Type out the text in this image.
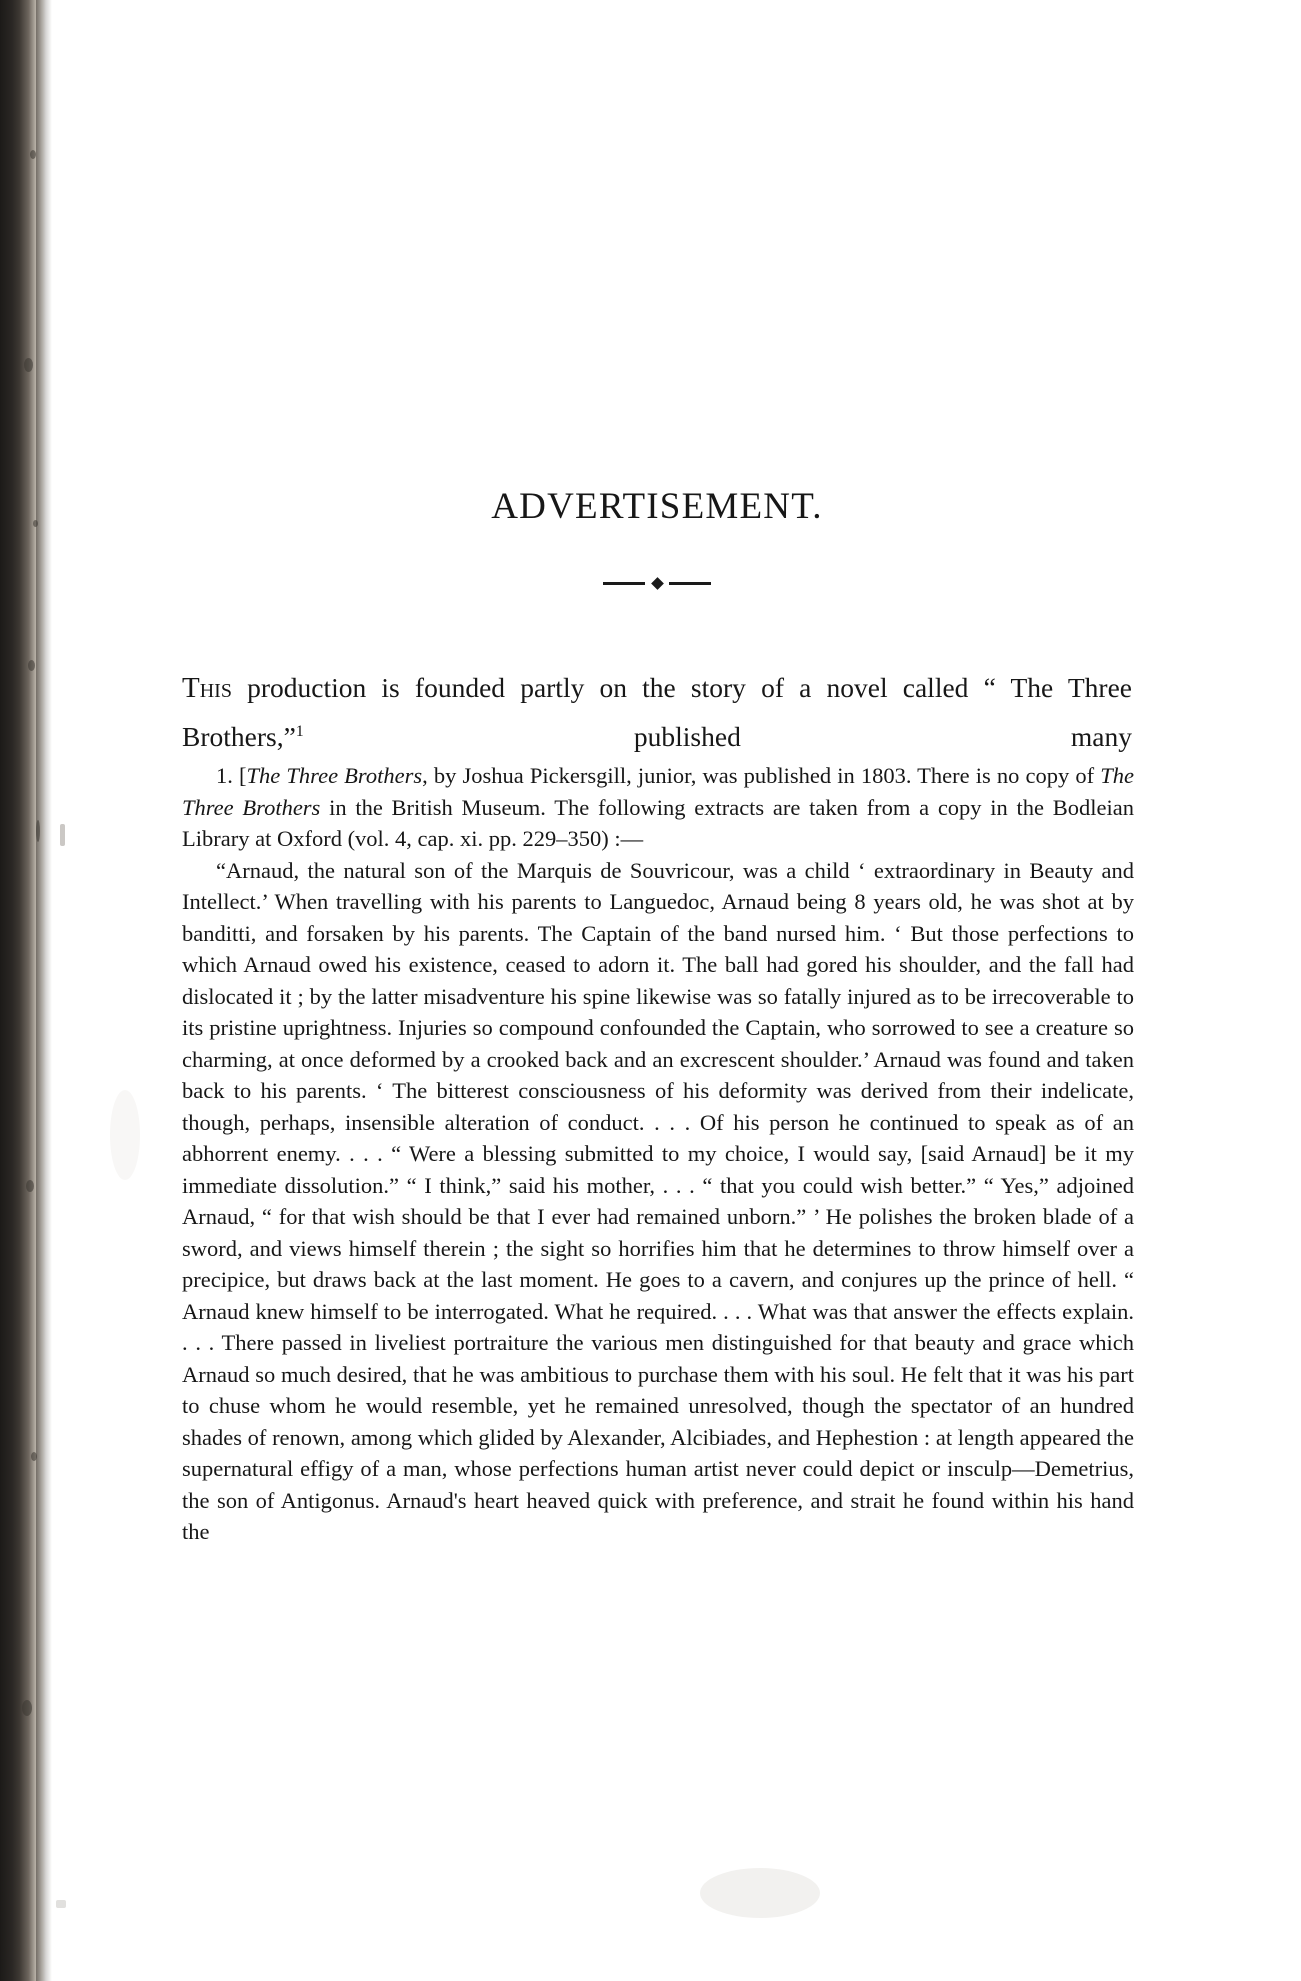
ADVERTISEMENT.

This production is founded partly on the story of a novel called “ The Three Brothers,”$^1$ published many

1. [The Three Brothers, by Joshua Pickersgill, junior, was published in 1803. There is no copy of The Three Brothers in the British Museum. The following extracts are taken from a copy in the Bodleian Library at Oxford (vol. 4, cap. xi. pp. 229–350) :—

“Arnaud, the natural son of the Marquis de Souvricour, was a child ‘ extraordinary in Beauty and Intellect.’ When travelling with his parents to Languedoc, Arnaud being 8 years old, he was shot at by banditti, and forsaken by his parents. The Captain of the band nursed him. ‘ But those perfections to which Arnaud owed his existence, ceased to adorn it. The ball had gored his shoulder, and the fall had dislocated it ; by the latter misadventure his spine likewise was so fatally injured as to be irrecoverable to its pristine uprightness. Injuries so compound confounded the Captain, who sorrowed to see a creature so charming, at once deformed by a crooked back and an excrescent shoulder.’ Arnaud was found and taken back to his parents. ‘ The bitterest consciousness of his deformity was derived from their indelicate, though, perhaps, insensible alteration of conduct. . . . Of his person he continued to speak as of an abhorrent enemy. . . . “ Were a blessing submitted to my choice, I would say, [said Arnaud] be it my immediate dissolution.” “ I think,” said his mother, . . . “ that you could wish better.” “ Yes,” adjoined Arnaud, “ for that wish should be that I ever had remained unborn.” ’ He polishes the broken blade of a sword, and views himself therein ; the sight so horrifies him that he determines to throw himself over a precipice, but draws back at the last moment. He goes to a cavern, and conjures up the prince of hell. “ Arnaud knew himself to be interrogated. What he required. . . . What was that answer the effects explain. . . . There passed in liveliest portraiture the various men distinguished for that beauty and grace which Arnaud so much desired, that he was ambitious to purchase them with his soul. He felt that it was his part to chuse whom he would resemble, yet he remained unresolved, though the spectator of an hundred shades of renown, among which glided by Alexander, Alcibiades, and Hephestion : at length appeared the supernatural effigy of a man, whose perfections human artist never could depict or insculp—Demetrius, the son of Antigonus. Arnaud's heart heaved quick with preference, and strait he found within his hand the
